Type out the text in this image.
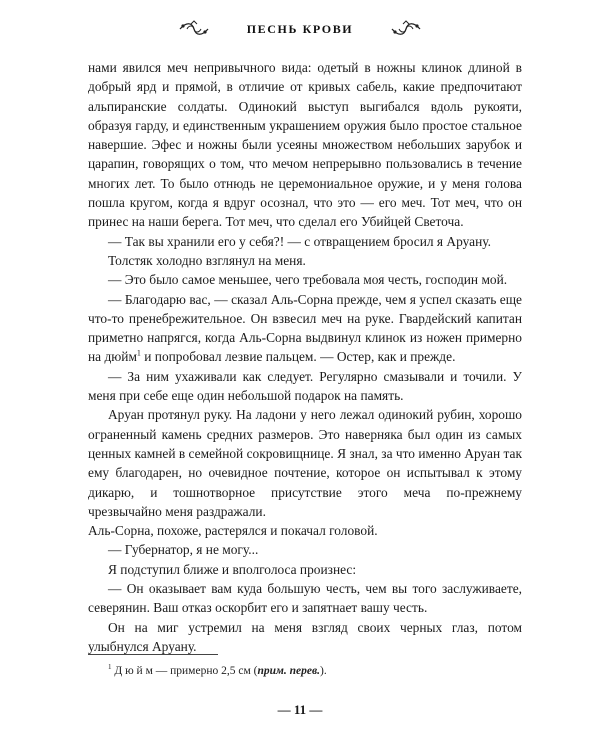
ПЕСНЬ КРОВИ

нами явился меч непривычного вида: одетый в ножны клинок длиной в добрый ярд и прямой, в отличие от кривых сабель, какие предпочитают альпиранские солдаты. Одинокий выступ выгибался вдоль рукояти, образуя гарду, и единственным украшением оружия было простое стальное навершие. Эфес и ножны были усеяны множеством небольших зарубок и царапин, говорящих о том, что мечом непрерывно пользовались в течение многих лет. То было отнюдь не церемониальное оружие, и у меня голова пошла кругом, когда я вдруг осознал, что это — его меч. Тот меч, что он принес на наши берега. Тот меч, что сделал его Убийцей Светоча.

— Так вы хранили его у себя?! — с отвращением бросил я Аруану.

Толстяк холодно взглянул на меня.

— Это было самое меньшее, чего требовала моя честь, господин мой.

— Благодарю вас, — сказал Аль-Сорна прежде, чем я успел сказать еще что-то пренебрежительное. Он взвесил меч на руке. Гвардейский капитан приметно напрягся, когда Аль-Сорна выдвинул клинок из ножен примерно на дюйм$^1$ и попробовал лезвие пальцем. — Остер, как и прежде.

— За ним ухаживали как следует. Регулярно смазывали и точили. У меня при себе еще один небольшой подарок на память.

Аруан протянул руку. На ладони у него лежал одинокий рубин, хорошо ограненный камень средних размеров. Это наверняка был один из самых ценных камней в семейной сокровищнице. Я знал, за что именно Аруан так ему благодарен, но очевидное почтение, которое он испытывал к этому дикарю, и тошнотворное присутствие этого меча по-прежнему чрезвычайно меня раздражали.

Аль-Сорна, похоже, растерялся и покачал головой.

— Губернатор, я не могу...

Я подступил ближе и вполголоса произнес:

— Он оказывает вам куда большую честь, чем вы того заслуживаете, северянин. Ваш отказ оскорбит его и запятнает вашу честь.

Он на миг устремил на меня взгляд своих черных глаз, потом улыбнулся Аруану.

$^1$ Д ю й м — примерно 2,5 см (прим. перев.).
— 11 —
